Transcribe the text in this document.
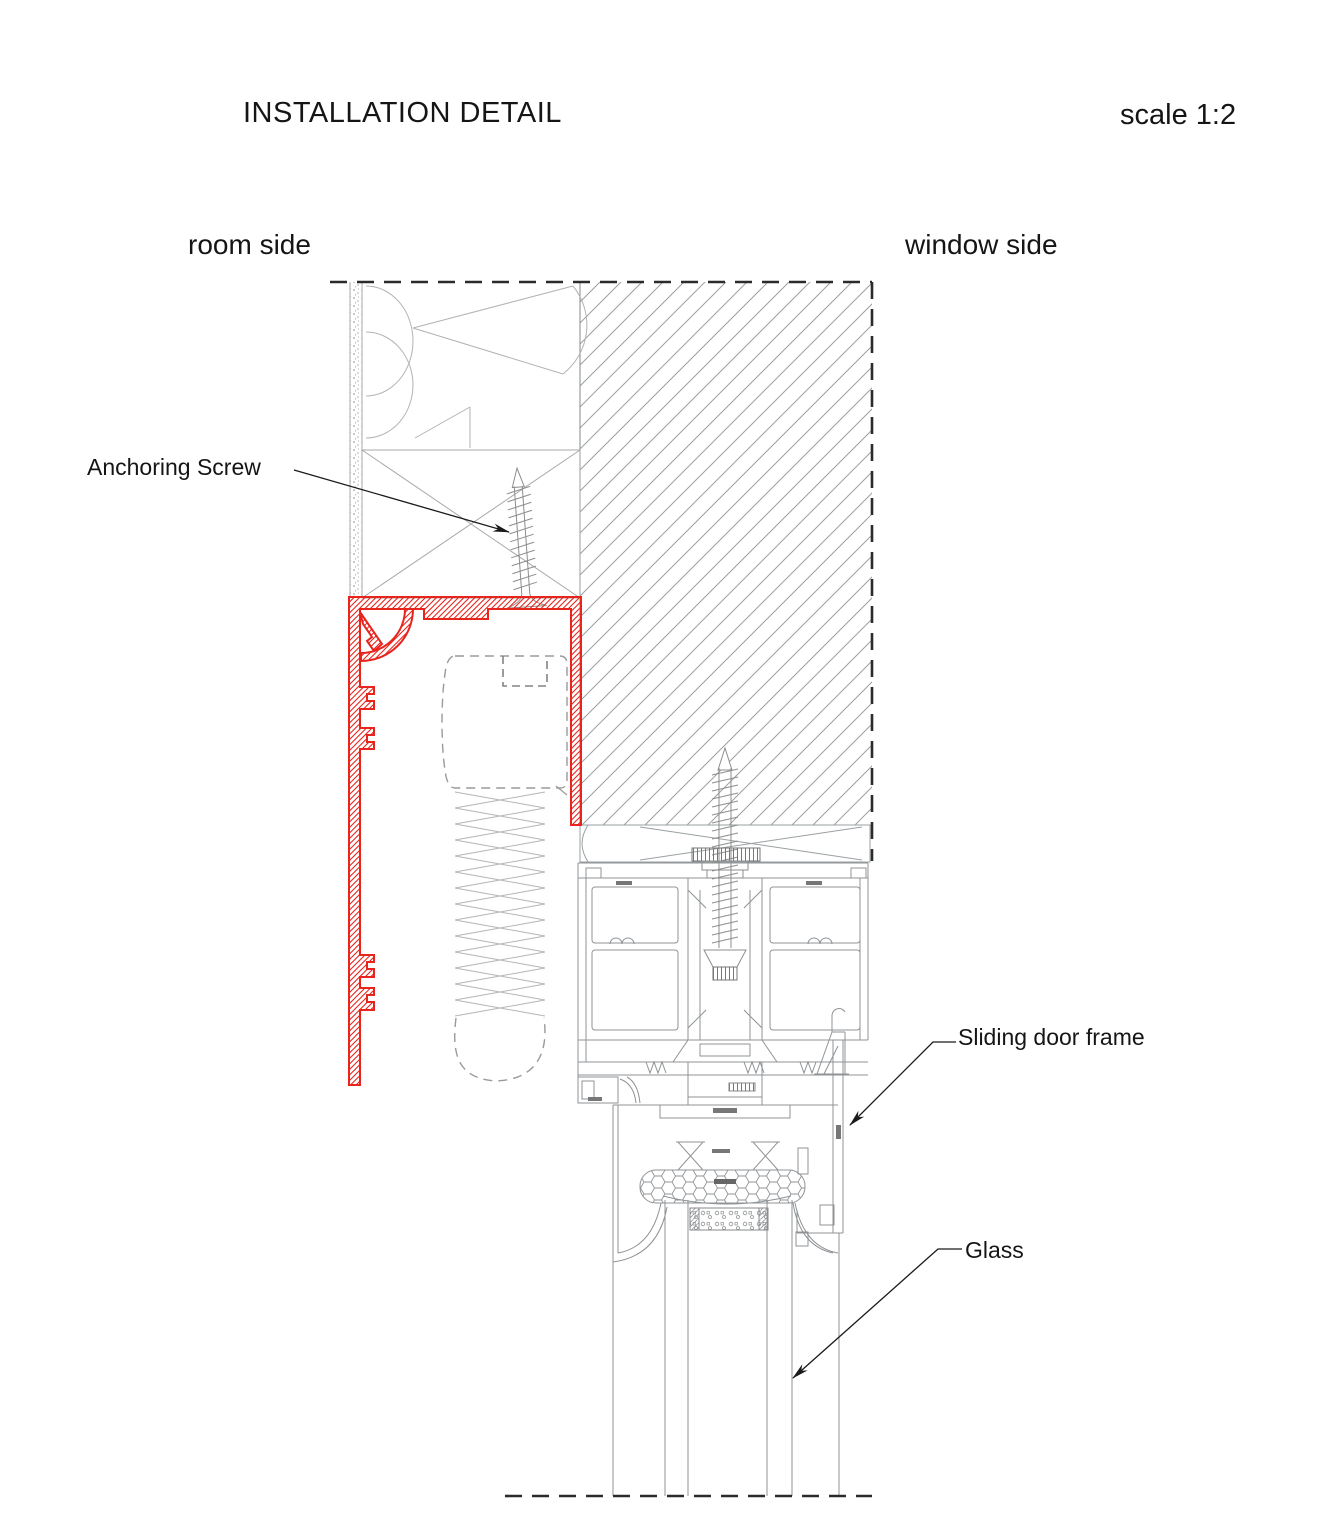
INSTALLATION DETAIL	scale 1:2
room side	window side
Anchoring Screw
Sliding door frame
Glass
